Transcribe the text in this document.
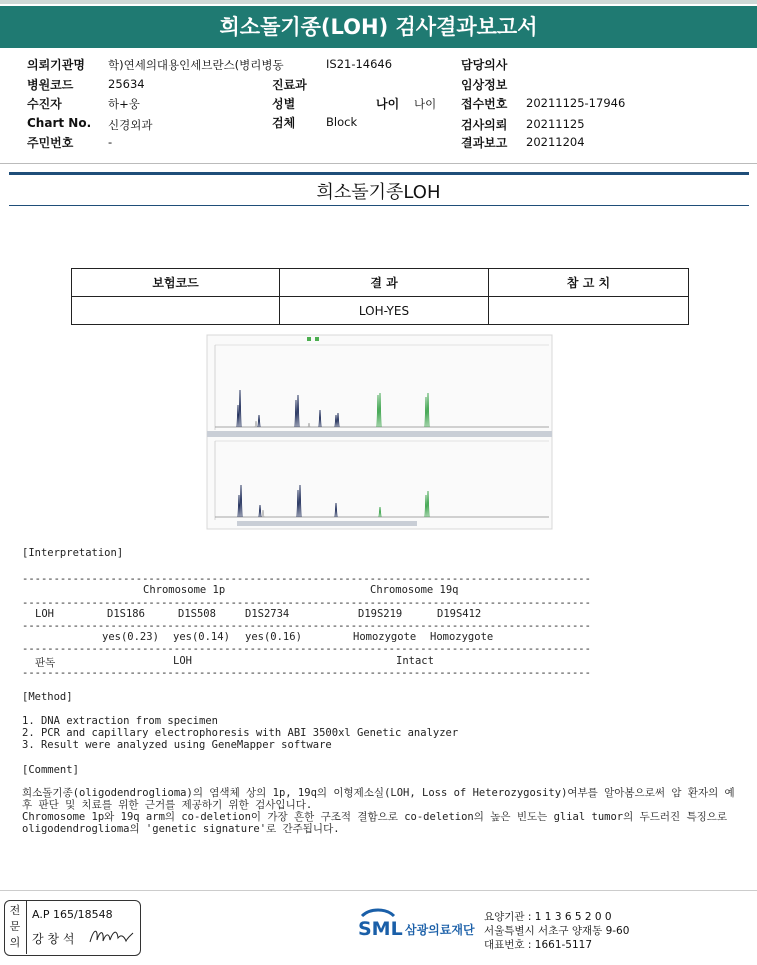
희소돌기종(LOH) 검사결과보고서
의뢰기관명 학)연세의대용인세브란스(병리병동	IS21-14646	담당의사
병원코드	25634	진료과	임상정보
수진자	하+웅	성별	나이 나이 접수번호 20211125-17946
Chart No. 신경외과	검체	Block	검사의뢰 20211125
주민번호	-	결과보고 20211204
희소돌기종LOH
보험코드	결 과	참 고 치
	LOH-YES	
[Interpretation]
------------------------------------------------------------------------------------------
Chromosome 1p	Chromosome 19q
------------------------------------------------------------------------------------------
LOH	D1S186	D1S508	D1S2734	D19S219	D19S412
------------------------------------------------------------------------------------------
yes(0.23) yes(0.14) yes(0.16)	Homozygote Homozygote
------------------------------------------------------------------------------------------
판독	LOH	Intact
------------------------------------------------------------------------------------------
[Method]
1. DNA extraction from specimen
2. PCR and capillary electrophoresis with ABI 3500xl Genetic analyzer
3. Result were analyzed using GeneMapper software
[Comment]
희소돌기종(oligodendroglioma)의 염색체 상의 1p, 19q의 이형제소실(LOH, Loss of Heterozygosity)여부를 알아봄으로써 암 환자의 예후 판단 및 치료를 위한 근거를 제공하기 위한 검사입니다.
Chromosome 1p와 19q arm의 co-deletion이 가장 흔한 구조적 결함으로 co-deletion의 높은 빈도는 glial tumor의 두드러진 특징으로 oligodendroglioma의 'genetic signature'로 간주됩니다.
전문의
A.P 165/18548
강 창 석	SML 삼광의료재단
요양기관 : 1 1 3 6 5 2 0 0
서울특별시 서초구 양재동 9-60
대표번호 : 1661-5117
